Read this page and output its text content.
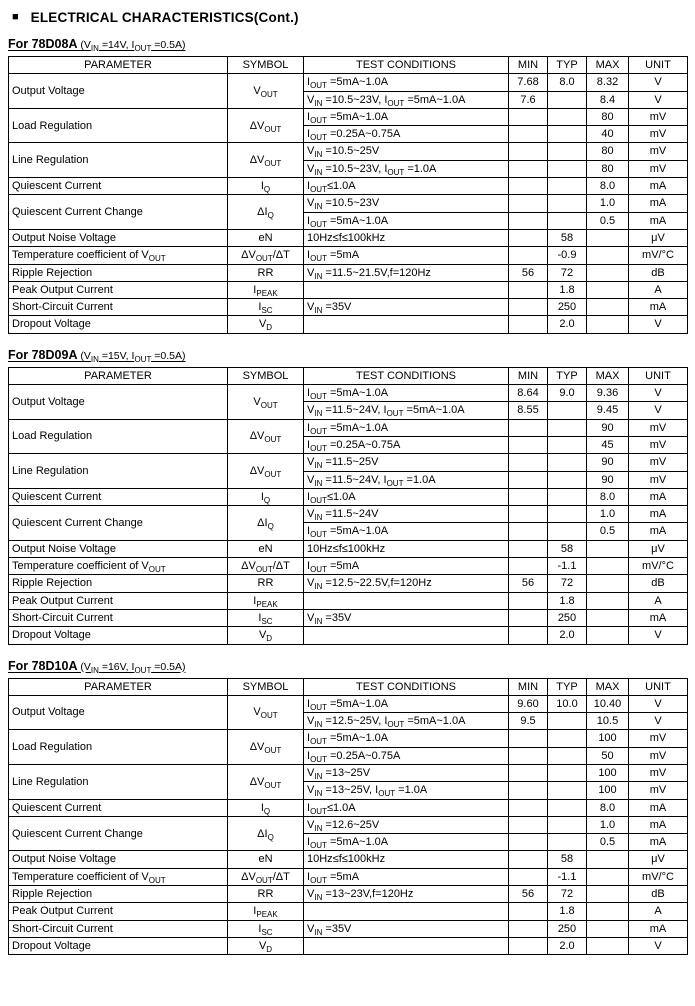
■ ELECTRICAL CHARACTERISTICS(Cont.)
For 78D08A ($V_{IN} =14V$, $I_{OUT} =0.5A$)
PARAMETER	SYMBOL	TEST CONDITIONS	MIN	TYP	MAX	UNIT
Output Voltage	$V_{OUT}$	$I_{OUT}$ =5mA~1.0A	7.68	8.0	8.32	V
		$V_{IN}$ =10.5~23V, $I_{OUT}$ =5mA~1.0A	7.6		8.4	V
Load Regulation	$\Delta V_{OUT}$	$I_{OUT}$ =5mA~1.0A			80	mV
		$I_{OUT}$ =0.25A~0.75A			40	mV
Line Regulation	$\Delta V_{OUT}$	$V_{IN}$ =10.5~25V			80	mV
		$V_{IN}$ =10.5~23V, $I_{OUT} =1.0A$			80	mV
Quiescent Current	$I_Q$	$I_{OUT}\le 1.0A$			8.0	mA
Quiescent Current Change	$\Delta I_Q$	$V_{IN}$ =10.5~23V			1.0	mA
		$I_{OUT}$ =5mA~1.0A			0.5	mA
Output Noise Voltage	eN	10Hz≤f≤100kHz		58		μV
Temperature coefficient of $V_{OUT}$	$\Delta V_{OUT}/\Delta T$	$I_{OUT} =5mA$		-0.9		mV/°C
Ripple Rejection	RR	$V_{IN}$ =11.5~21.5V,f=120Hz	56	72		dB
Peak Output Current	$I_{PEAK}$			1.8		A
Short-Circuit Current	$I_{SC}$	$V_{IN} =35V$		250		mA
Dropout Voltage	$V_D$			2.0		V
For 78D09A ($V_{IN} =15V$, $I_{OUT} =0.5A$)
PARAMETER	SYMBOL	TEST CONDITIONS	MIN	TYP	MAX	UNIT
Output Voltage	$V_{OUT}$	$I_{OUT}$ =5mA~1.0A	8.64	9.0	9.36	V
		$V_{IN}$ =11.5~24V, $I_{OUT}$ =5mA~1.0A	8.55		9.45	V
Load Regulation	$\Delta V_{OUT}$	$I_{OUT}$ =5mA~1.0A			90	mV
		$I_{OUT}$ =0.25A~0.75A			45	mV
Line Regulation	$\Delta V_{OUT}$	$V_{IN}$ =11.5~25V			90	mV
		$V_{IN}$ =11.5~24V, $I_{OUT} =1.0A$			90	mV
Quiescent Current	$I_Q$	$I_{OUT}\le 1.0A$			8.0	mA
Quiescent Current Change	$\Delta I_Q$	$V_{IN}$ =11.5~24V			1.0	mA
		$I_{OUT}$ =5mA~1.0A			0.5	mA
Output Noise Voltage	eN	10Hz≤f≤100kHz		58		μV
Temperature coefficient of $V_{OUT}$	$\Delta V_{OUT}/\Delta T$	$I_{OUT} =5mA$		-1.1		mV/°C
Ripple Rejection	RR	$V_{IN}$ =12.5~22.5V,f=120Hz	56	72		dB
Peak Output Current	$I_{PEAK}$			1.8		A
Short-Circuit Current	$I_{SC}$	$V_{IN} =35V$		250		mA
Dropout Voltage	$V_D$			2.0		V
For 78D10A ($V_{IN} =16V$, $I_{OUT} =0.5A$)
PARAMETER	SYMBOL	TEST CONDITIONS	MIN	TYP	MAX	UNIT
Output Voltage	$V_{OUT}$	$I_{OUT}$ =5mA~1.0A	9.60	10.0	10.40	V
		$V_{IN}$ =12.5~25V, $I_{OUT}$ =5mA~1.0A	9.5		10.5	V
Load Regulation	$\Delta V_{OUT}$	$I_{OUT}$ =5mA~1.0A			100	mV
		$I_{OUT}$ =0.25A~0.75A			50	mV
Line Regulation	$\Delta V_{OUT}$	$V_{IN}$ =13~25V			100	mV
		$V_{IN}$ =13~25V, $I_{OUT} =1.0A$			100	mV
Quiescent Current	$I_Q$	$I_{OUT}\le 1.0A$			8.0	mA
Quiescent Current Change	$\Delta I_Q$	$V_{IN}$ =12.6~25V			1.0	mA
		$I_{OUT}$ =5mA~1.0A			0.5	mA
Output Noise Voltage	eN	10Hz≤f≤100kHz		58		μV
Temperature coefficient of $V_{OUT}$	$\Delta V_{OUT}/\Delta T$	$I_{OUT} =5mA$		-1.1		mV/°C
Ripple Rejection	RR	$V_{IN}$ =13~23V,f=120Hz	56	72		dB
Peak Output Current	$I_{PEAK}$			1.8		A
Short-Circuit Current	$I_{SC}$	$V_{IN} =35V$		250		mA
Dropout Voltage	$V_D$			2.0		V
